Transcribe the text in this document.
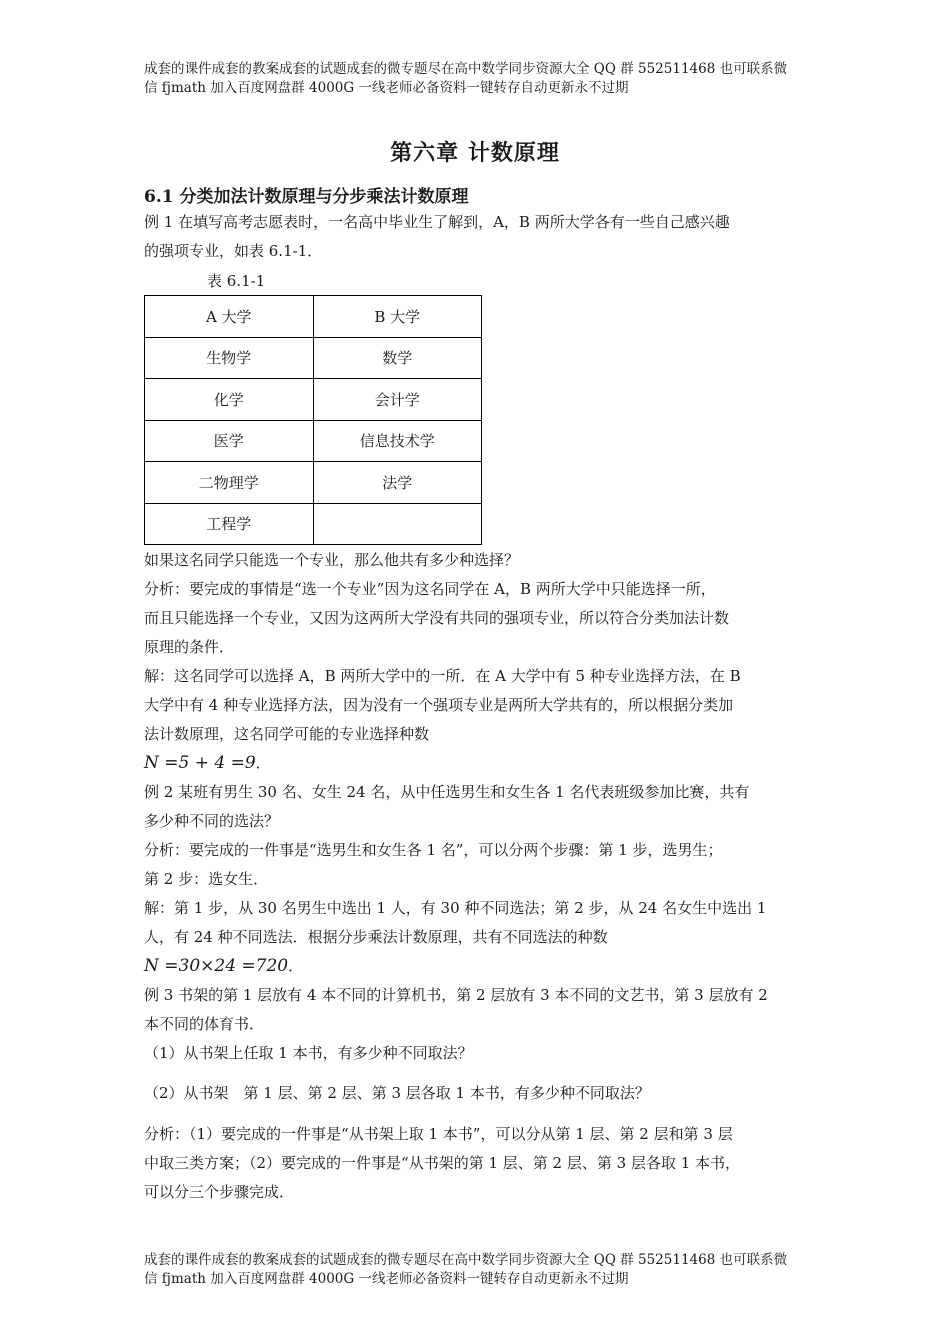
成套的课件成套的教案成套的试题成套的微专题尽在高中数学同步资源大全 QQ 群 552511468 也可联系微
信 fjmath 加入百度网盘群 4000G 一线老师必备资料一键转存自动更新永不过期
第六章 计数原理
6.1 分类加法计数原理与分步乘法计数原理
例 1 在填写高考志愿表时，一名高中毕业生了解到，A，B 两所大学各有一些自己感兴趣
的强项专业，如表 6.1-1．
表 6.1-1
A 大学	B 大学
生物学	数学
化学	会计学
医学	信息技术学
二物理学	法学
工程学	
如果这名同学只能选一个专业，那么他共有多少种选择？
分析：要完成的事情是“选一个专业”因为这名同学在 A，B 两所大学中只能选择一所，
而且只能选择一个专业，又因为这两所大学没有共同的强项专业，所以符合分类加法计数
原理的条件．
解：这名同学可以选择 A，B 两所大学中的一所．在 A 大学中有 5 种专业选择方法，在 B
大学中有 4 种专业选择方法，因为没有一个强项专业是两所大学共有的，所以根据分类加
法计数原理，这名同学可能的专业选择种数
N =5 + 4 =9．
例 2 某班有男生 30 名、女生 24 名，从中任选男生和女生各 1 名代表班级参加比赛，共有
多少种不同的选法？
分析：要完成的一件事是“选男生和女生各 1 名”，可以分两个步骤：第 1 步，选男生；
第 2 步：选女生．
解：第 1 步，从 30 名男生中选出 1 人，有 30 种不同选法；第 2 步，从 24 名女生中选出 1
人，有 24 种不同选法．根据分步乘法计数原理，共有不同选法的种数
N =30×24 =720．
例 3 书架的第 1 层放有 4 本不同的计算机书，第 2 层放有 3 本不同的文艺书，第 3 层放有 2
本不同的体育书．
（1）从书架上任取 1 本书，有多少种不同取法？
（2）从书架　第 1 层、第 2 层、第 3 层各取 1 本书，有多少种不同取法？
分析：（1）要完成的一件事是“从书架上取 1 本书”，可以分从第 1 层、第 2 层和第 3 层
中取三类方案；（2）要完成的一件事是“从书架的第 1 层、第 2 层、第 3 层各取 1 本书，
可以分三个步骤完成．
成套的课件成套的教案成套的试题成套的微专题尽在高中数学同步资源大全 QQ 群 552511468 也可联系微
信 fjmath 加入百度网盘群 4000G 一线老师必备资料一键转存自动更新永不过期
